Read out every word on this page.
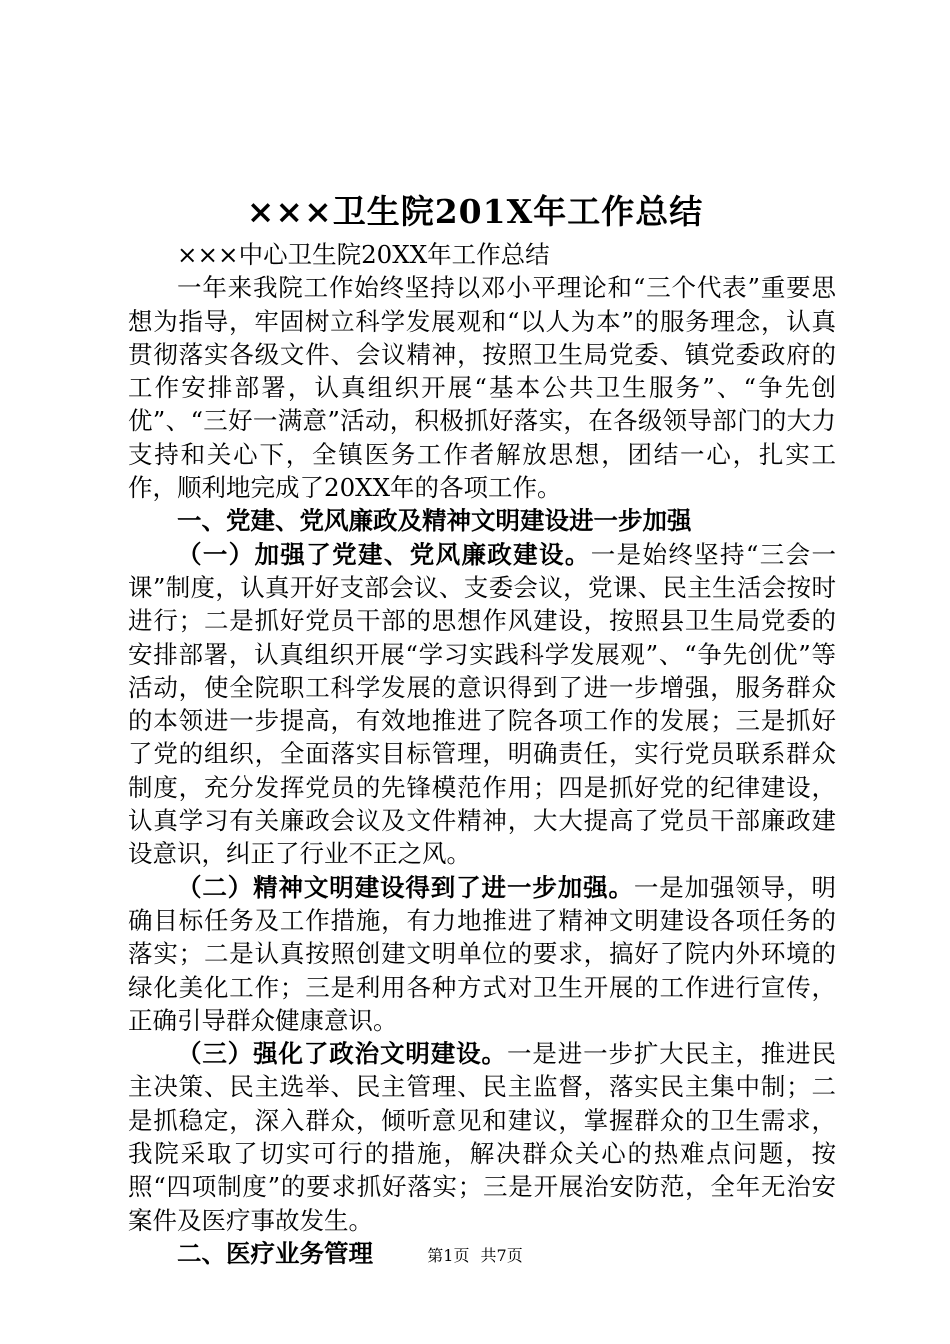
×××卫生院201X年工作总结

×××中心卫生院20XX年工作总结

一年来我院工作始终坚持以邓小平理论和“三个代表”重要思想为指导，牢固树立科学发展观和“以人为本”的服务理念，认真贯彻落实各级文件、会议精神，按照卫生局党委、镇党委政府的工作安排部署，认真组织开展“基本公共卫生服务”、“争先创优”、“三好一满意”活动，积极抓好落实，在各级领导部门的大力支持和关心下，全镇医务工作者解放思想，团结一心，扎实工作，顺利地完成了20XX年的各项工作。

一、党建、党风廉政及精神文明建设进一步加强

（一）加强了党建、党风廉政建设。一是始终坚持“三会一课”制度，认真开好支部会议、支委会议，党课、民主生活会按时进行；二是抓好党员干部的思想作风建设，按照县卫生局党委的安排部署，认真组织开展“学习实践科学发展观”、“争先创优”等活动，使全院职工科学发展的意识得到了进一步增强，服务群众的本领进一步提高，有效地推进了院各项工作的发展；三是抓好了党的组织，全面落实目标管理，明确责任，实行党员联系群众制度，充分发挥党员的先锋模范作用；四是抓好党的纪律建设，认真学习有关廉政会议及文件精神，大大提高了党员干部廉政建设意识，纠正了行业不正之风。

（二）精神文明建设得到了进一步加强。一是加强领导，明确目标任务及工作措施，有力地推进了精神文明建设各项任务的落实；二是认真按照创建文明单位的要求，搞好了院内外环境的绿化美化工作；三是利用各种方式对卫生开展的工作进行宣传，正确引导群众健康意识。

（三）强化了政治文明建设。一是进一步扩大民主，推进民主决策、民主选举、民主管理、民主监督，落实民主集中制；二是抓稳定，深入群众，倾听意见和建议，掌握群众的卫生需求，我院采取了切实可行的措施，解决群众关心的热难点问题，按照“四项制度”的要求抓好落实；三是开展治安防范，全年无治安案件及医疗事故发生。

二、医疗业务管理	第1页 共7页
